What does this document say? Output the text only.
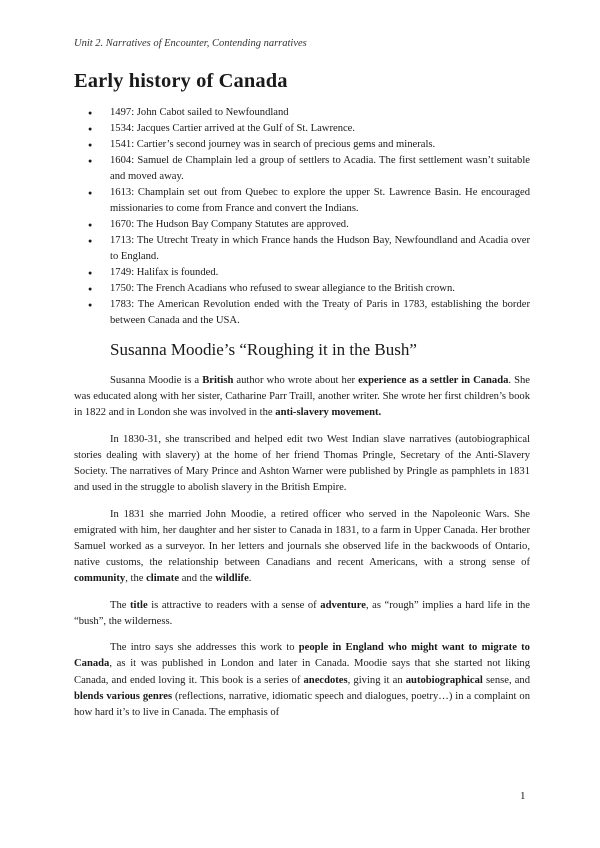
Unit 2. Narratives of Encounter, Contending narratives
Early history of Canada
● 1497: John Cabot sailed to Newfoundland
● 1534: Jacques Cartier arrived at the Gulf of St. Lawrence.
● 1541: Cartier’s second journey was in search of precious gems and minerals.
● 1604: Samuel de Champlain led a group of settlers to Acadia. The first settlement wasn’t suitable and moved away.
● 1613: Champlain set out from Quebec to explore the upper St. Lawrence Basin. He encouraged missionaries to come from France and convert the Indians.
● 1670: The Hudson Bay Company Statutes are approved.
● 1713: The Utrecht Treaty in which France hands the Hudson Bay, Newfoundland and Acadia over to England.
● 1749: Halifax is founded.
● 1750: The French Acadians who refused to swear allegiance to the British crown.
● 1783: The American Revolution ended with the Treaty of Paris in 1783, establishing the border between Canada and the USA.
Susanna Moodie’s “Roughing it in the Bush”

Susanna Moodie is a British author who wrote about her experience as a settler in Canada. She was educated along with her sister, Catharine Parr Traill, another writer. She wrote her first children’s book in 1822 and in London she was involved in the anti-slavery movement.

In 1830-31, she transcribed and helped edit two West Indian slave narratives (autobiographical stories dealing with slavery) at the home of her friend Thomas Pringle, Secretary of the Anti-Slavery Society. The narratives of Mary Prince and Ashton Warner were published by Pringle as pamphlets in 1831 and used in the struggle to abolish slavery in the British Empire.

In 1831 she married John Moodie, a retired officer who served in the Napoleonic Wars. She emigrated with him, her daughter and her sister to Canada in 1831, to a farm in Upper Canada. Her brother Samuel worked as a surveyor. In her letters and journals she observed life in the backwoods of Ontario, native customs, the relationship between Canadians and recent Americans, with a strong sense of community, the climate and the wildlife.

The title is attractive to readers with a sense of adventure, as “rough” implies a hard life in the “bush”, the wilderness.

The intro says she addresses this work to people in England who might want to migrate to Canada, as it was published in London and later in Canada. Moodie says that she started not liking Canada, and ended loving it. This book is a series of anecdotes, giving it an autobiographical sense, and blends various genres (reflections, narrative, idiomatic speech and dialogues, poetry…) in a complaint on how hard it’s to live in Canada. The emphasis of

1
